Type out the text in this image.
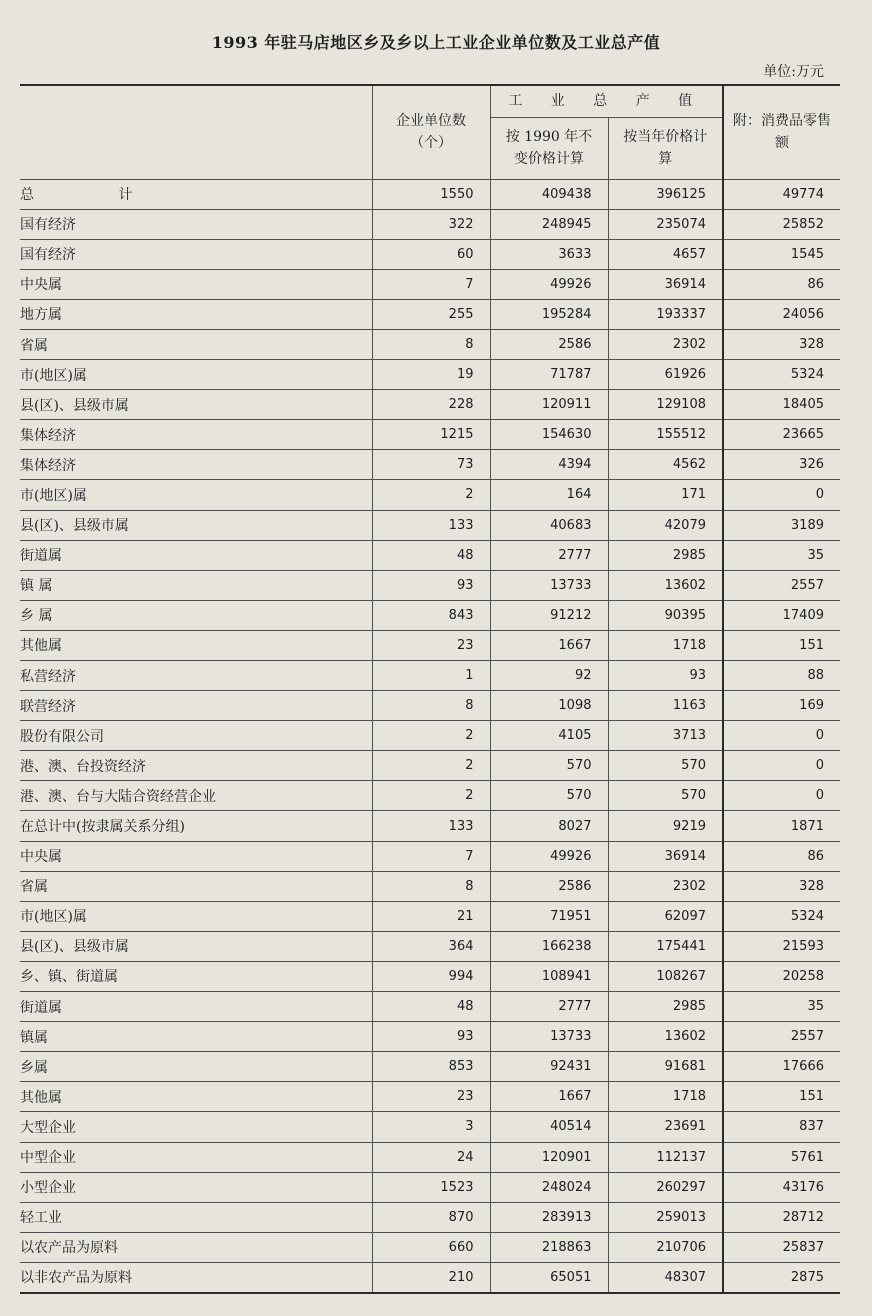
1993 年驻马店地区乡及乡以上工业企业单位数及工业总产值
单位:万元

	企业单位数（个）	工 业 总 产 值		附：消费品零售额

		按 1990 年不变价格计算	按当年价格计 算	

总 计	1550	409438	396125	49774
国有经济	322	248945	235074	25852
国有经济	60	3633	4657	1545
中央属	7	49926	36914	86
地方属	255	195284	193337	24056
省属	8	2586	2302	328
市(地区)属	19	71787	61926	5324
县(区)、县级市属	228	120911	129108	18405
集体经济	1215	154630	155512	23665
集体经济	73	4394	4562	326
市(地区)属	2	164	171	0
县(区)、县级市属	133	40683	42079	3189
街道属	48	2777	2985	35
镇 属	93	13733	13602	2557
乡 属	843	91212	90395	17409
其他属	23	1667	1718	151
私营经济	1	92	93	88
联营经济	8	1098	1163	169
股份有限公司	2	4105	3713	0
港、澳、台投资经济	2	570	570	0
港、澳、台与大陆合资经营企业	2	570	570	0
在总计中(按隶属关系分组)	133	8027	9219	1871
中央属	7	49926	36914	86
省属	8	2586	2302	328
市(地区)属	21	71951	62097	5324
县(区)、县级市属	364	166238	175441	21593
乡、镇、街道属	994	108941	108267	20258
街道属	48	2777	2985	35
镇属	93	13733	13602	2557
乡属	853	92431	91681	17666
其他属	23	1667	1718	151
大型企业	3	40514	23691	837
中型企业	24	120901	112137	5761
小型企业	1523	248024	260297	43176
轻工业	870	283913	259013	28712
以农产品为原料	660	218863	210706	25837
以非农产品为原料	210	65051	48307	2875
